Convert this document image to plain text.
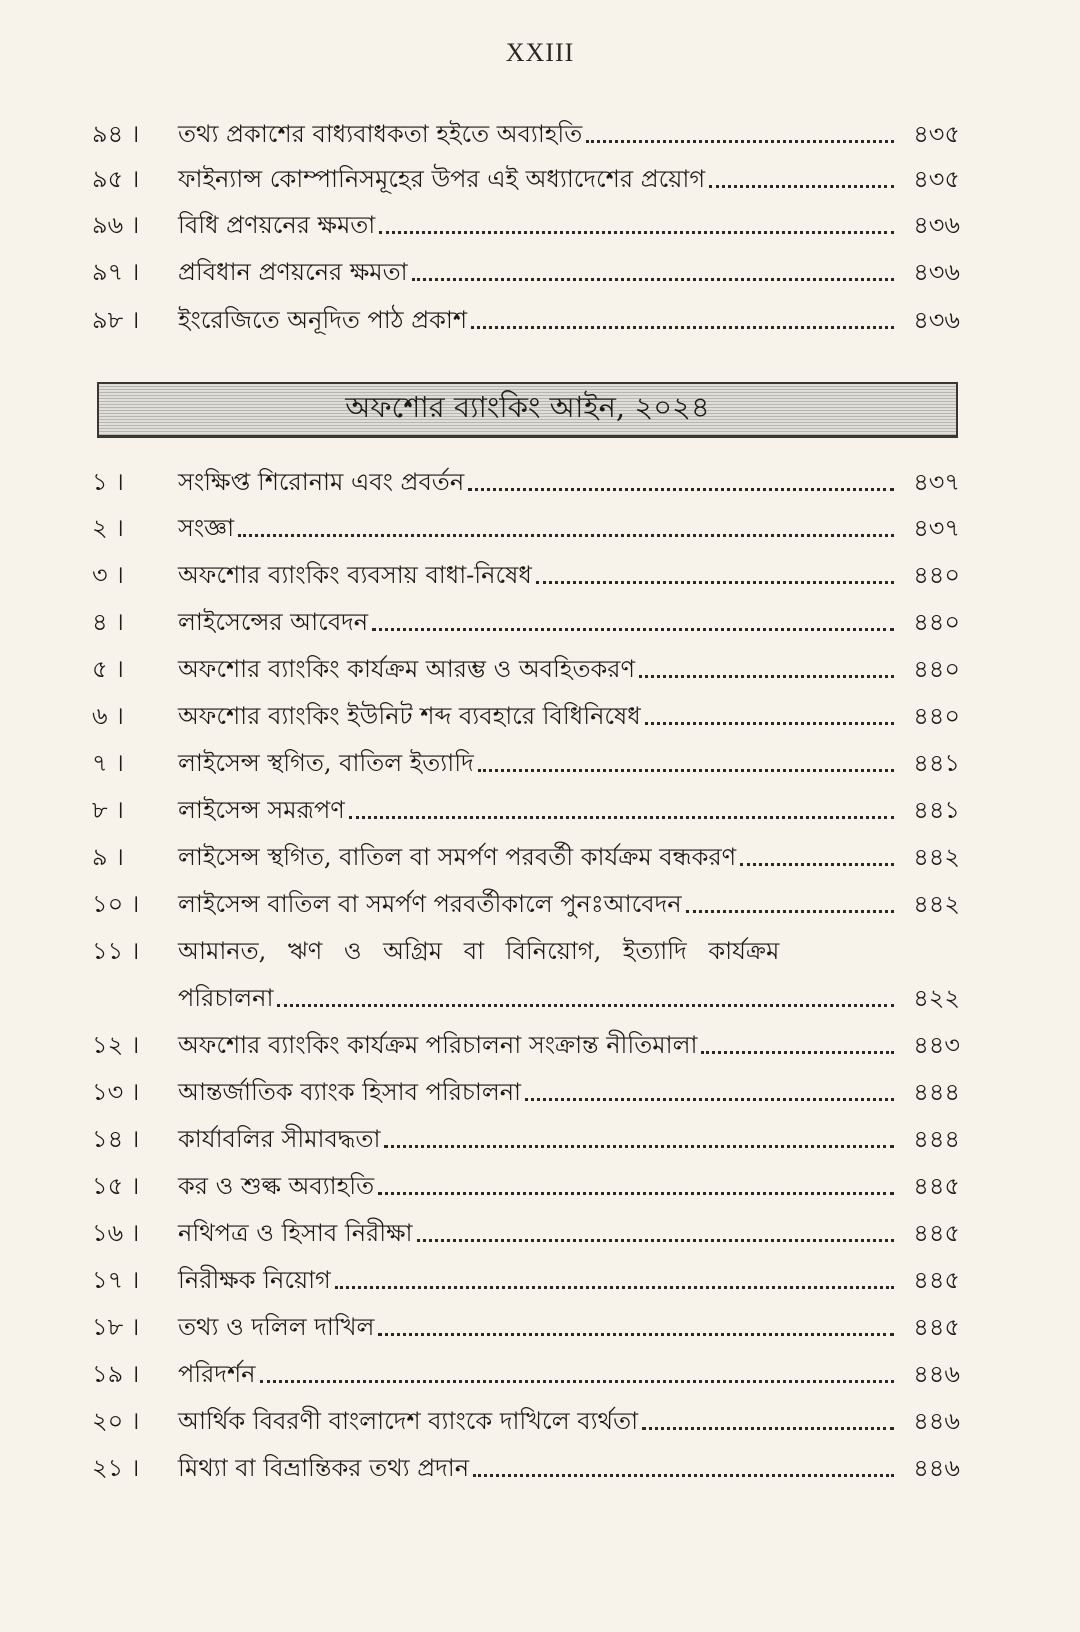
XXIII
৯৪ ।	তথ্য প্রকাশের বাধ্যবাধকতা হইতে অব্যাহতি	৪৩৫
৯৫ ।	ফাইন্যান্স কোম্পানিসমূহের উপর এই অধ্যাদেশের প্রয়োগ	৪৩৫
৯৬ ।	বিধি প্রণয়নের ক্ষমতা	৪৩৬
৯৭ ।	প্রবিধান প্রণয়নের ক্ষমতা	৪৩৬
৯৮ ।	ইংরেজিতে অনূদিত পাঠ প্রকাশ	৪৩৬
অফশোর ব্যাংকিং আইন, ২০২৪
১ ।	সংক্ষিপ্ত শিরোনাম এবং প্রবর্তন	৪৩৭
২ ।	সংজ্ঞা	৪৩৭
৩ ।	অফশোর ব্যাংকিং ব্যবসায় বাধা-নিষেধ	৪৪০
৪ ।	লাইসেন্সের আবেদন	৪৪০
৫ ।	অফশোর ব্যাংকিং কার্যক্রম আরম্ভ ও অবহিতকরণ	৪৪০
৬ ।	অফশোর ব্যাংকিং ইউনিট শব্দ ব্যবহারে বিধিনিষেধ	৪৪০
৭ ।	লাইসেন্স স্থগিত, বাতিল ইত্যাদি	৪৪১
৮ ।	লাইসেন্স সমরূপণ	৪৪১
৯ ।	লাইসেন্স স্থগিত, বাতিল বা সমর্পণ পরবর্তী কার্যক্রম বন্ধকরণ	৪৪২
১০ ।	লাইসেন্স বাতিল বা সমর্পণ পরবর্তীকালে পুনঃআবেদন	৪৪২
১১ ।	আমানত, ঋণ ও অগ্রিম বা বিনিয়োগ, ইত্যাদি কার্যক্রম
পরিচালনা	৪২২
১২ ।	অফশোর ব্যাংকিং কার্যক্রম পরিচালনা সংক্রান্ত নীতিমালা	৪৪৩
১৩ ।	আন্তর্জাতিক ব্যাংক হিসাব পরিচালনা	৪৪৪
১৪ ।	কার্যাবলির সীমাবদ্ধতা	৪৪৪
১৫ ।	কর ও শুল্ক অব্যাহতি	৪৪৫
১৬ ।	নথিপত্র ও হিসাব নিরীক্ষা	৪৪৫
১৭ ।	নিরীক্ষক নিয়োগ	৪৪৫
১৮ ।	তথ্য ও দলিল দাখিল	৪৪৫
১৯ ।	পরিদর্শন	৪৪৬
২০ ।	আর্থিক বিবরণী বাংলাদেশ ব্যাংকে দাখিলে ব্যর্থতা	৪৪৬
২১ ।	মিথ্যা বা বিভ্রান্তিকর তথ্য প্রদান	৪৪৬
